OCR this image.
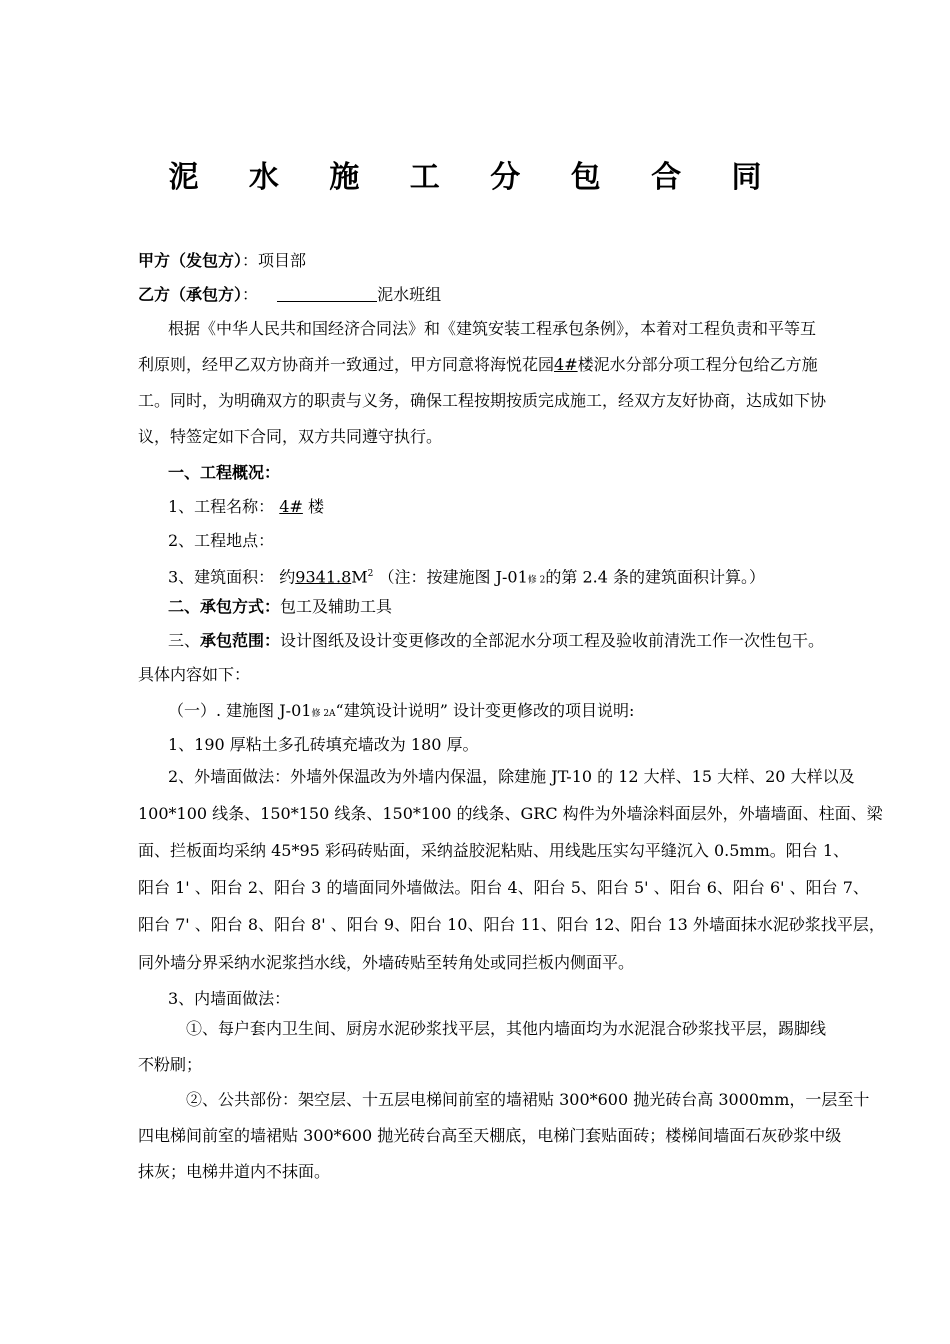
泥 水 施 工 分 包 合 同
甲方（发包方）：项目部
乙方（承包方）：	泥水班组
根据《中华人民共和国经济合同法》和《建筑安装工程承包条例》，本着对工程负责和平等互
利原则，经甲乙双方协商并一致通过，甲方同意将海悦花园4#楼泥水分部分项工程分包给乙方施
工。同时，为明确双方的职责与义务，确保工程按期按质完成施工，经双方友好协商，达成如下协
议，特签定如下合同，双方共同遵守执行。
一、工程概况：
1、工程名称： 4# 楼
2、工程地点：
3、建筑面积： 约$9341.8M^2$ （注：按建施图 J-01修 2的第 2.4 条的建筑面积计算。）
二、承包方式：包工及辅助工具
三、承包范围：设计图纸及设计变更修改的全部泥水分项工程及验收前清洗工作一次性包干。
具体内容如下：
（一）. 建施图 J-01修 2A“建筑设计说明” 设计变更修改的项目说明:
1、190 厚粘土多孔砖填充墙改为 180 厚。
2、外墙面做法：外墙外保温改为外墙内保温，除建施 JT-10 的 12 大样、15 大样、20 大样以及
100*100 线条、150*150 线条、150*100 的线条、GRC 构件为外墙涂料面层外，外墙墙面、柱面、梁
面、拦板面均采纳 45*95 彩码砖贴面，采纳益胶泥粘贴、用线匙压实勾平缝沉入 0.5mm。阳台 1、
阳台 1' 、阳台 2、阳台 3 的墙面同外墙做法。阳台 4、阳台 5、阳台 5' 、阳台 6、阳台 6' 、阳台 7、
阳台 7' 、阳台 8、阳台 8' 、阳台 9、阳台 10、阳台 11、阳台 12、阳台 13 外墙面抹水泥砂浆找平层，
同外墙分界采纳水泥浆挡水线，外墙砖贴至转角处或同拦板内侧面平。
3、内墙面做法：
①、每户套内卫生间、厨房水泥砂浆找平层，其他内墙面均为水泥混合砂浆找平层，踢脚线
不粉刷；
②、公共部份：架空层、十五层电梯间前室的墙裙贴 300*600 抛光砖台高 3000mm，一层至十
四电梯间前室的墙裙贴 300*600 抛光砖台高至天棚底，电梯门套贴面砖；楼梯间墙面石灰砂浆中级
抹灰；电梯井道内不抹面。
